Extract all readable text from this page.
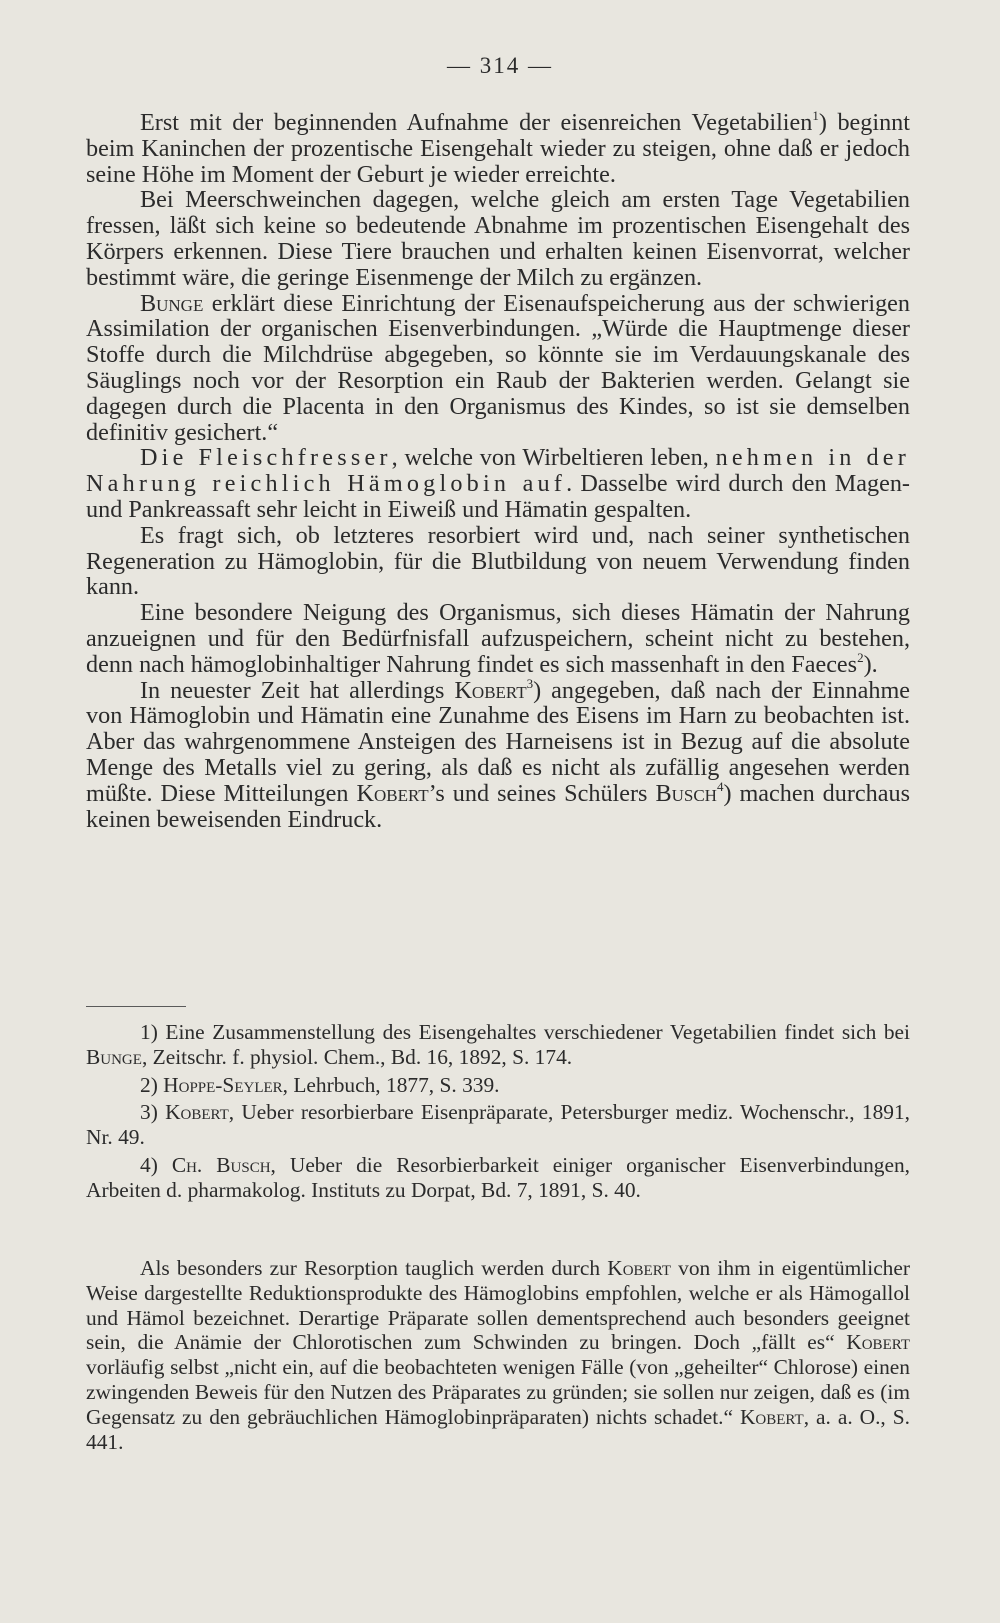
— 314 —

Erst mit der beginnenden Aufnahme der eisenreichen Vegetabilien$^1$) beginnt beim Kaninchen der prozentische Eisengehalt wieder zu steigen, ohne daß er jedoch seine Höhe im Moment der Geburt je wieder erreichte.

Bei Meerschweinchen dagegen, welche gleich am ersten Tage Vegetabilien fressen, läßt sich keine so bedeutende Abnahme im prozentischen Eisengehalt des Körpers erkennen. Diese Tiere brauchen und erhalten keinen Eisenvorrat, welcher bestimmt wäre, die geringe Eisenmenge der Milch zu ergänzen.

Bunge erklärt diese Einrichtung der Eisenaufspeicherung aus der schwierigen Assimilation der organischen Eisenverbindungen. „Würde die Hauptmenge dieser Stoffe durch die Milchdrüse abgegeben, so könnte sie im Verdauungskanale des Säuglings noch vor der Resorption ein Raub der Bakterien werden. Gelangt sie dagegen durch die Placenta in den Organismus des Kindes, so ist sie demselben definitiv gesichert.“

Die Fleischfresser, welche von Wirbeltieren leben, nehmen in der Nahrung reichlich Hämoglobin auf. Dasselbe wird durch den Magen- und Pankreassaft sehr leicht in Eiweiß und Hämatin gespalten.

Es fragt sich, ob letzteres resorbiert wird und, nach seiner synthetischen Regeneration zu Hämoglobin, für die Blutbildung von neuem Verwendung finden kann.

Eine besondere Neigung des Organismus, sich dieses Hämatin der Nahrung anzueignen und für den Bedürfnisfall aufzuspeichern, scheint nicht zu bestehen, denn nach hämoglobinhaltiger Nahrung findet es sich massenhaft in den Faeces$^2$).

In neuester Zeit hat allerdings Kobert$^3$) angegeben, daß nach der Einnahme von Hämoglobin und Hämatin eine Zunahme des Eisens im Harn zu beobachten ist. Aber das wahrgenommene Ansteigen des Harneisens ist in Bezug auf die absolute Menge des Metalls viel zu gering, als daß es nicht als zufällig angesehen werden müßte. Diese Mitteilungen Kobert’s und seines Schülers Busch$^4$) machen durchaus keinen beweisenden Eindruck.

1) Eine Zusammenstellung des Eisengehaltes verschiedener Vegetabilien findet sich bei Bunge, Zeitschr. f. physiol. Chem., Bd. 16, 1892, S. 174.

2) Hoppe-Seyler, Lehrbuch, 1877, S. 339.

3) Kobert, Ueber resorbierbare Eisenpräparate, Petersburger mediz. Wochenschr., 1891, Nr. 49.

4) Ch. Busch, Ueber die Resorbierbarkeit einiger organischer Eisenverbindungen, Arbeiten d. pharmakolog. Instituts zu Dorpat, Bd. 7, 1891, S. 40.

Als besonders zur Resorption tauglich werden durch Kobert von ihm in eigentümlicher Weise dargestellte Reduktionsprodukte des Hämoglobins empfohlen, welche er als Hämogallol und Hämol bezeichnet. Derartige Präparate sollen dementsprechend auch besonders geeignet sein, die Anämie der Chlorotischen zum Schwinden zu bringen. Doch „fällt es“ Kobert vorläufig selbst „nicht ein, auf die beobachteten wenigen Fälle (von „geheilter“ Chlorose) einen zwingenden Beweis für den Nutzen des Präparates zu gründen; sie sollen nur zeigen, daß es (im Gegensatz zu den gebräuchlichen Hämoglobinpräparaten) nichts schadet.“ Kobert, a. a. O., S. 441.
